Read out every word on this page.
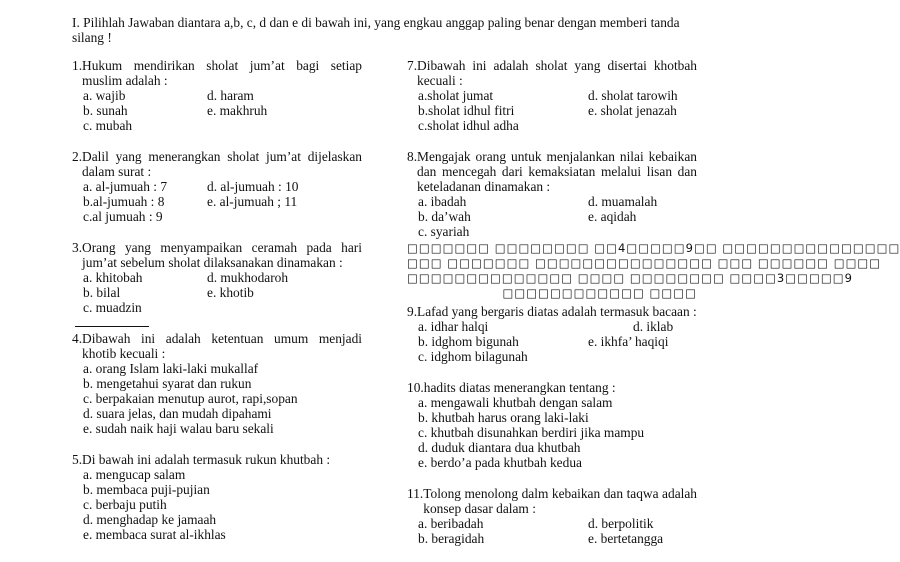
I. Pilihlah Jawaban diantara a,b, c, d dan e di bawah ini, yang engkau anggap paling benar dengan memberi tanda silang !
1. Hukum mendirikan sholat jum’at bagi setiap muslim adalah :
a. wajib	d. haram
b. sunah	e. makhruh
c. mubah
2. Dalil yang menerangkan sholat jum’at dijelaskan dalam surat :
a. al-jumuah : 7	d. al-jumuah : 10
b.al-jumuah : 8	e. al-jumuah ; 11
c.al jumuah : 9
3. Orang yang menyampaikan ceramah pada hari jum’at sebelum sholat dilaksanakan dinamakan :
a. khitobah	d. mukhodaroh
b. bilal	e. khotib
c. muadzin
4. Dibawah ini adalah ketentuan umum menjadi khotib kecuali :
a. orang Islam laki-laki mukallaf
b. mengetahui syarat dan rukun
c. berpakaian menutup aurot, rapi,sopan
d. suara jelas, dan mudah dipahami
e. sudah naik haji walau baru sekali
5. Di bawah ini adalah termasuk rukun khutbah :
a. mengucap salam
b. membaca puji-pujian
c. berbaju putih
d. menghadap ke jamaah
e. membaca surat al-ikhlas
7. Dibawah ini adalah sholat yang disertai khotbah kecuali :
a.sholat jumat	d. sholat tarowih
b.sholat idhul fitri	e. sholat jenazah
c.sholat idhul adha
8. Mengajak orang untuk menjalankan nilai kebaikan dan mencegah dari kemaksiatan melalui lisan dan keteladanan dinamakan :
a. ibadah	d. muamalah
b. da’wah	e. aqidah
c. syariah
□□□□□□□ □□□□□□□□ □□4□□□□□9□□ □□□□□□□□□□□□□□□
□□□ □□□□□□□ □□□□□□□□□□□□□□□ □□□ □□□□□□ □□□□
□□□□□□□□□□□□□□ □□□□ □□□□□□□□ □□□□3□□□□□9
□□□□□□□□□□□□ □□□□
9. Lafad yang bergaris diatas adalah termasuk bacaan :
a. idhar halqi	d. iklab
b. idghom bigunah	e. ikhfa’ haqiqi
c. idghom bilagunah
10. hadits diatas menerangkan tentang :
a. mengawali khutbah dengan salam
b. khutbah harus orang laki-laki
c. khutbah disunahkan berdiri jika mampu
d. duduk diantara dua khutbah
e. berdo’a pada khutbah kedua
11. Tolong menolong dalm kebaikan dan taqwa adalah konsep dasar dalam :
a. beribadah	d. berpolitik
b. beragidah	e. bertetangga
